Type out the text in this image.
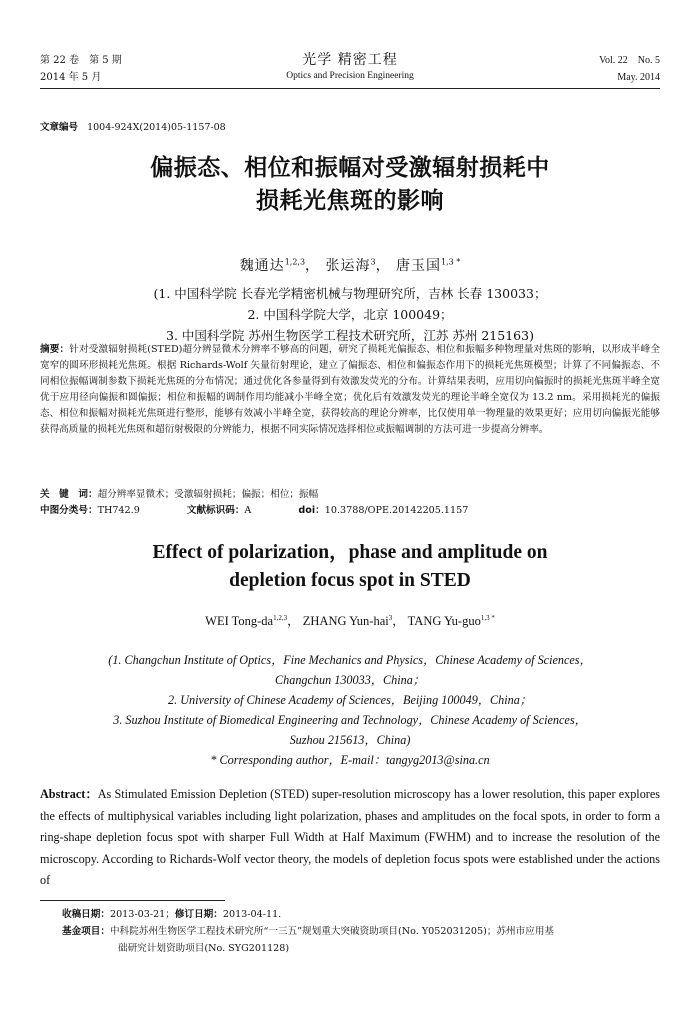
第 22 卷　第 5 期
2014 年 5 月
光学 精密工程
Optics and Precision Engineering
Vol. 22　No. 5
May. 2014
文章编号 1004-924X(2014)05-1157-08
偏振态、相位和振幅对受激辐射损耗中
损耗光焦斑的影响
魏通达$^{1,2,3}$， 张运海$^3$， 唐玉国$^{1,3 *}$
(1. 中国科学院 长春光学精密机械与物理研究所，吉林 长春 130033；
2. 中国科学院大学，北京 100049；
3. 中国科学院 苏州生物医学工程技术研究所，江苏 苏州 215163)
摘要：针对受激辐射损耗(STED)超分辨显微术分辨率不够高的问题，研究了损耗光偏振态、相位和振幅多种物理量对焦斑的影响，以形成半峰全宽窄的圆环形损耗光焦斑。根据 Richards-Wolf 矢量衍射理论，建立了偏振态、相位和偏振态作用下的损耗光焦斑模型；计算了不同偏振态、不同相位振幅调制参数下损耗光焦斑的分布情况；通过优化各参量得到有效激发荧光的分布。计算结果表明，应用切向偏振时的损耗光焦斑半峰全宽优于应用径向偏振和圆偏振；相位和振幅的调制作用均能减小半峰全宽；优化后有效激发荧光的理论半峰全宽仅为 13.2 nm。采用损耗光的偏振态、相位和振幅对损耗光焦斑进行整形，能够有效减小半峰全宽，获得较高的理论分辨率，比仅使用单一物理量的效果更好；应用切向偏振光能够获得高质量的损耗光焦斑和超衍射极限的分辨能力，根据不同实际情况选择相位或振幅调制的方法可进一步提高分辨率。
关　键　词：超分辨率显微术；受激辐射损耗；偏振；相位；振幅
中图分类号：TH742.9	文献标识码：A	doi：10.3788/OPE.20142205.1157
Effect of polarization，phase and amplitude on
depletion focus spot in STED
WEI Tong-da$^{1,2,3}$， ZHANG Yun-hai$^3$， TANG Yu-guo$^{1,3 *}$
(1. Changchun Institute of Optics，Fine Mechanics and Physics，Chinese Academy of Sciences，
Changchun 130033，China；
2. University of Chinese Academy of Sciences，Beijing 100049，China；
3. Suzhou Institute of Biomedical Engineering and Technology，Chinese Academy of Sciences，
Suzhou 215613，China)
* Corresponding author，E-mail：tangyg2013@sina.cn
Abstract：As Stimulated Emission Depletion (STED) super-resolution microscopy has a lower resolution, this paper explores the effects of multiphysical variables including light polarization, phases and amplitudes on the focal spots, in order to form a ring-shape depletion focus spot with sharper Full Width at Half Maximum (FWHM) and to increase the resolution of the microscopy. According to Richards-Wolf vector theory, the models of depletion focus spots were established under the actions of
收稿日期：2013-03-21；修订日期：2013-04-11.
基金项目：中科院苏州生物医学工程技术研究所“一三五”规划重大突破资助项目(No. Y052031205)；苏州市应用基
础研究计划资助项目(No. SYG201128)
